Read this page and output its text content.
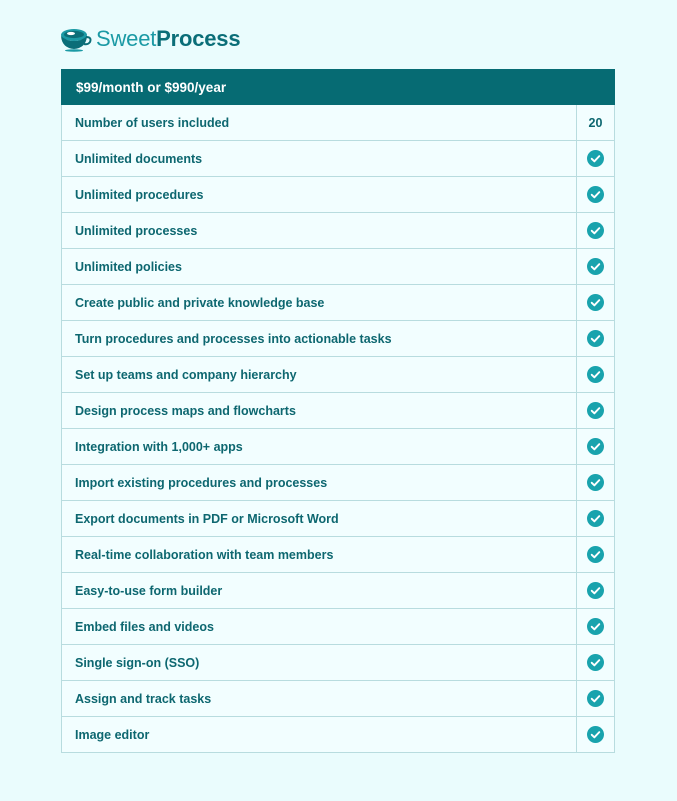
SweetProcess
$99/month or $990/year
Number of users included	20
Unlimited documents
Unlimited procedures
Unlimited processes
Unlimited policies
Create public and private knowledge base
Turn procedures and processes into actionable tasks
Set up teams and company hierarchy
Design process maps and flowcharts
Integration with 1,000+ apps
Import existing procedures and processes
Export documents in PDF or Microsoft Word
Real-time collaboration with team members
Easy-to-use form builder
Embed files and videos
Single sign-on (SSO)
Assign and track tasks
Image editor
